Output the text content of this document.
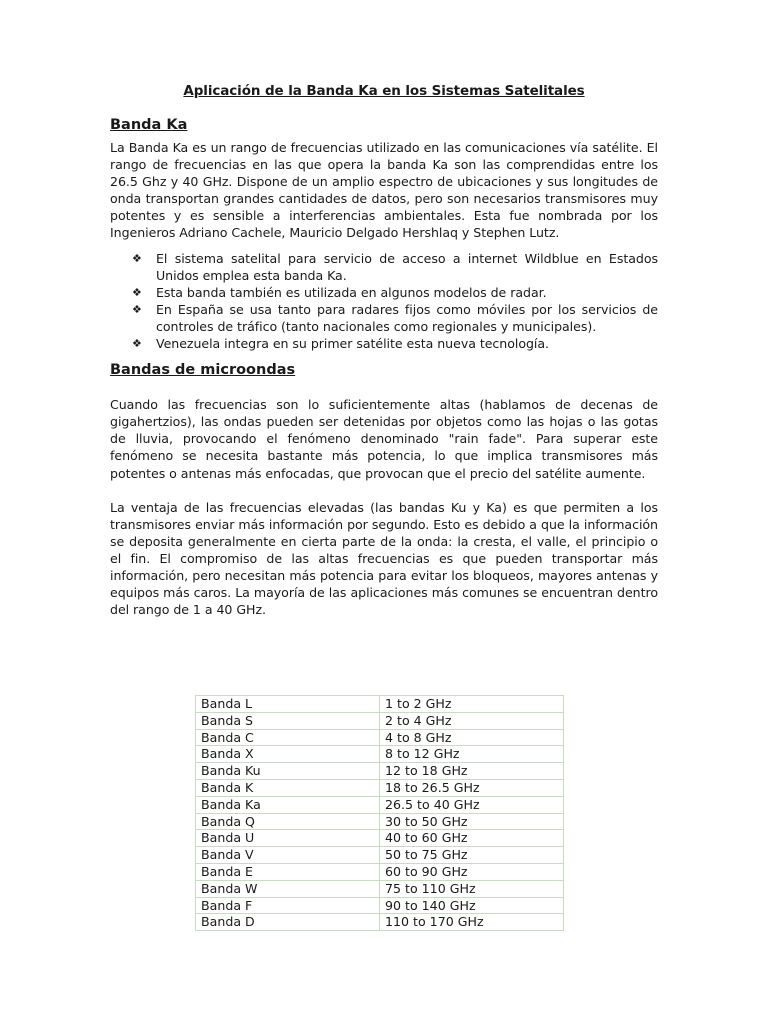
Aplicación de la Banda Ka en los Sistemas Satelitales
Banda Ka

La Banda Ka es un rango de frecuencias utilizado en las comunicaciones vía satélite. El rango de frecuencias en las que opera la banda Ka son las comprendidas entre los 26.5 Ghz y 40 GHz. Dispone de un amplio espectro de ubicaciones y sus longitudes de onda transportan grandes cantidades de datos, pero son necesarios transmisores muy potentes y es sensible a interferencias ambientales. Esta fue nombrada por los Ingenieros Adriano Cachele, Mauricio Delgado Hershlaq y Stephen Lutz.

❖ El sistema satelital para servicio de acceso a internet Wildblue en Estados Unidos emplea esta banda Ka.
❖ Esta banda también es utilizada en algunos modelos de radar.
❖ En España se usa tanto para radares fijos como móviles por los servicios de controles de tráfico (tanto nacionales como regionales y municipales).
❖ Venezuela integra en su primer satélite esta nueva tecnología.
Bandas de microondas

Cuando las frecuencias son lo suficientemente altas (hablamos de decenas de gigahertzios), las ondas pueden ser detenidas por objetos como las hojas o las gotas de lluvia, provocando el fenómeno denominado "rain fade". Para superar este fenómeno se necesita bastante más potencia, lo que implica transmisores más potentes o antenas más enfocadas, que provocan que el precio del satélite aumente.

La ventaja de las frecuencias elevadas (las bandas Ku y Ka) es que permiten a los transmisores enviar más información por segundo. Esto es debido a que la información se deposita generalmente en cierta parte de la onda: la cresta, el valle, el principio o el fin. El compromiso de las altas frecuencias es que pueden transportar más información, pero necesitan más potencia para evitar los bloqueos, mayores antenas y equipos más caros. La mayoría de las aplicaciones más comunes se encuentran dentro del rango de 1 a 40 GHz.

Banda L	1 to 2 GHz
Banda S	2 to 4 GHz
Banda C	4 to 8 GHz
Banda X	8 to 12 GHz
Banda Ku	12 to 18 GHz
Banda K	18 to 26.5 GHz
Banda Ka	26.5 to 40 GHz
Banda Q	30 to 50 GHz
Banda U	40 to 60 GHz
Banda V	50 to 75 GHz
Banda E	60 to 90 GHz
Banda W	75 to 110 GHz
Banda F	90 to 140 GHz
Banda D	110 to 170 GHz
